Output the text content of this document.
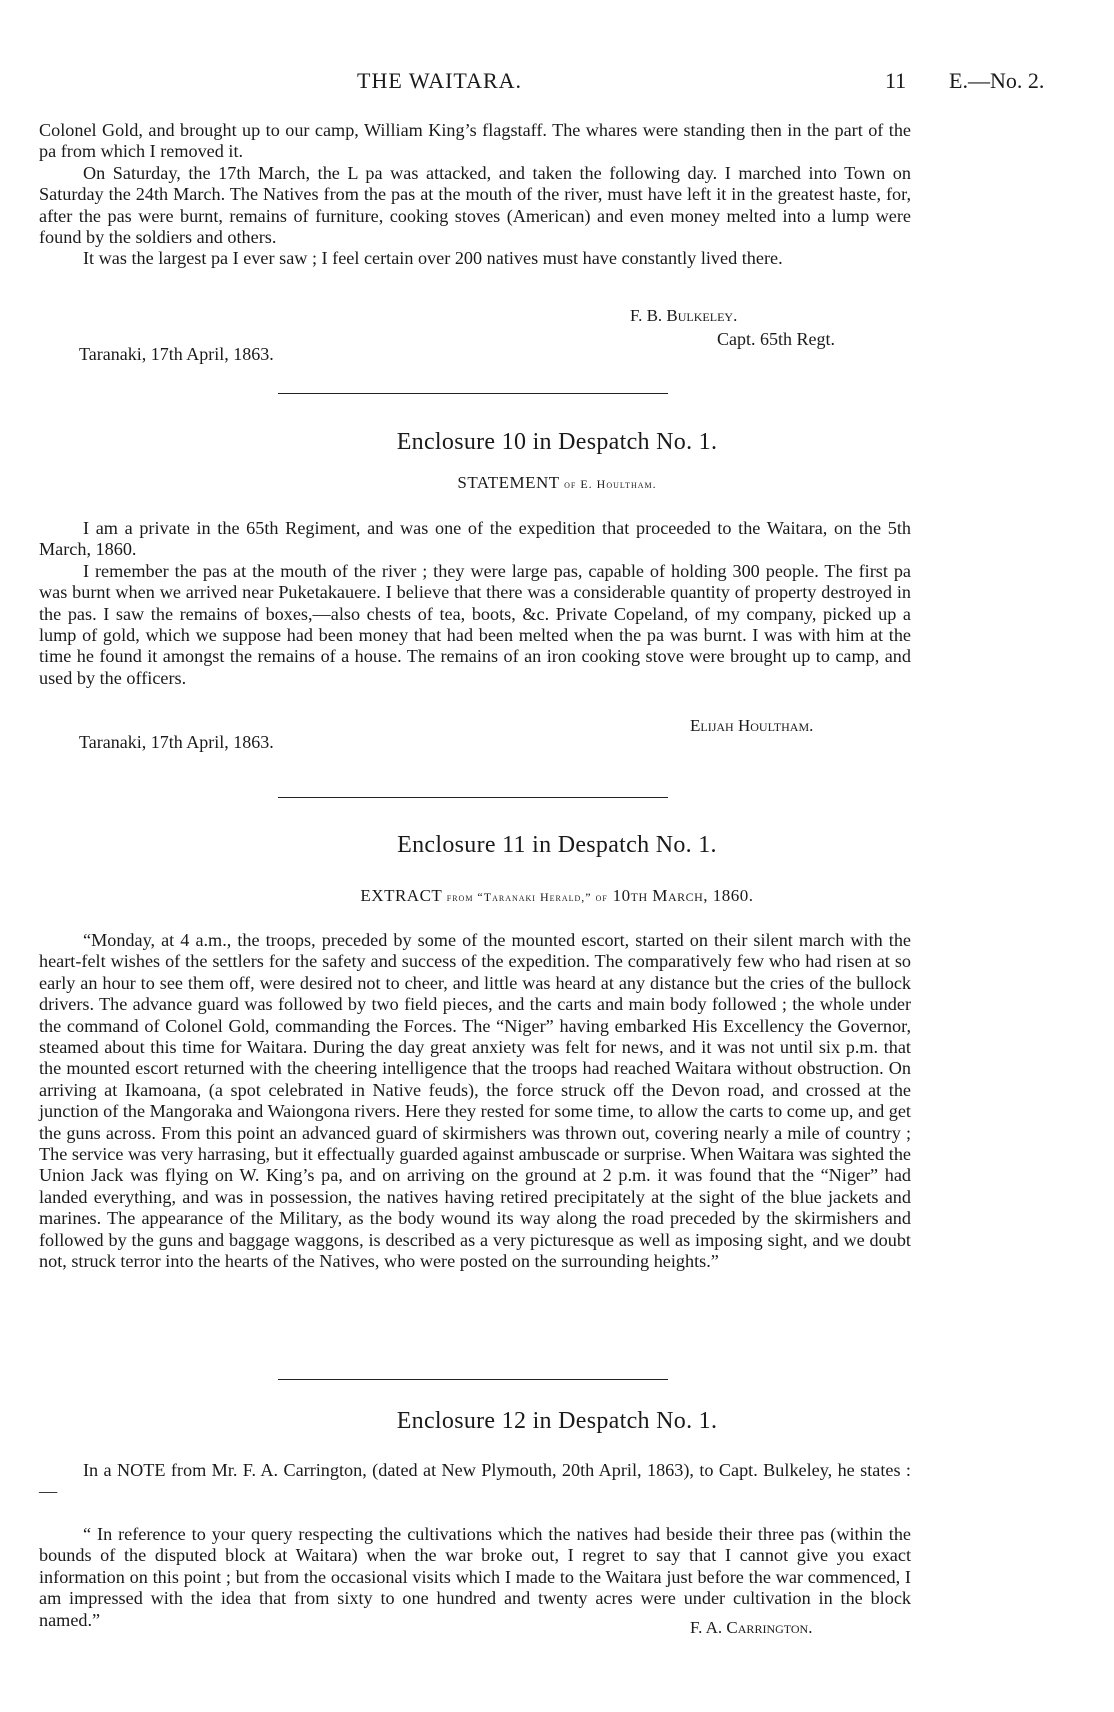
THE WAITARA.	11 E.—No. 2.

Colonel Gold, and brought up to our camp, William King’s flagstaff. The whares were standing then in the part of the pa from which I removed it.

On Saturday, the 17th March, the L pa was attacked, and taken the following day. I marched into Town on Saturday the 24th March. The Natives from the pas at the mouth of the river, must have left it in the greatest haste, for, after the pas were burnt, remains of furniture, cooking stoves (American) and even money melted into a lump were found by the soldiers and others.

It was the largest pa I ever saw ; I feel certain over 200 natives must have constantly lived there.

F. B. Bulkeley.
Capt. 65th Regt.
Taranaki, 17th April, 1863.
Enclosure 10 in Despatch No. 1.
STATEMENT of E. Houltham.

I am a private in the 65th Regiment, and was one of the expedition that proceeded to the Waitara, on the 5th March, 1860.

I remember the pas at the mouth of the river ; they were large pas, capable of holding 300 people. The first pa was burnt when we arrived near Puketakauere. I believe that there was a considerable quantity of property destroyed in the pas. I saw the remains of boxes,—also chests of tea, boots, &c. Private Copeland, of my company, picked up a lump of gold, which we suppose had been money that had been melted when the pa was burnt. I was with him at the time he found it amongst the remains of a house. The remains of an iron cooking stove were brought up to camp, and used by the officers.

Elijah Houltham.
Taranaki, 17th April, 1863.
Enclosure 11 in Despatch No. 1.
EXTRACT from “Taranaki Herald,” of 10th March, 1860.

“Monday, at 4 a.m., the troops, preceded by some of the mounted escort, started on their silent march with the heart-felt wishes of the settlers for the safety and success of the expedition. The comparatively few who had risen at so early an hour to see them off, were desired not to cheer, and little was heard at any distance but the cries of the bullock drivers. The advance guard was followed by two field pieces, and the carts and main body followed ; the whole under the command of Colonel Gold, commanding the Forces. The “Niger” having embarked His Excellency the Governor, steamed about this time for Waitara. During the day great anxiety was felt for news, and it was not until six p.m. that the mounted escort returned with the cheering intelligence that the troops had reached Waitara without obstruction. On arriving at Ikamoana, (a spot celebrated in Native feuds), the force struck off the Devon road, and crossed at the junction of the Mangoraka and Waiongona rivers. Here they rested for some time, to allow the carts to come up, and get the guns across. From this point an advanced guard of skirmishers was thrown out, covering nearly a mile of country ; The service was very harrasing, but it effectually guarded against ambuscade or surprise. When Waitara was sighted the Union Jack was flying on W. King’s pa, and on arriving on the ground at 2 p.m. it was found that the “Niger” had landed everything, and was in possession, the natives having retired precipitately at the sight of the blue jackets and marines. The appearance of the Military, as the body wound its way along the road preceded by the skirmishers and followed by the guns and baggage waggons, is described as a very picturesque as well as imposing sight, and we doubt not, struck terror into the hearts of the Natives, who were posted on the surrounding heights.”

Enclosure 12 in Despatch No. 1.

In a NOTE from Mr. F. A. Carrington, (dated at New Plymouth, 20th April, 1863), to Capt. Bulkeley, he states :—

“ In reference to your query respecting the cultivations which the natives had beside their three pas (within the bounds of the disputed block at Waitara) when the war broke out, I regret to say that I cannot give you exact information on this point ; but from the occasional visits which I made to the Waitara just before the war commenced, I am impressed with the idea that from sixty to one hundred and twenty acres were under cultivation in the block named.”	F. A. Carrington.
